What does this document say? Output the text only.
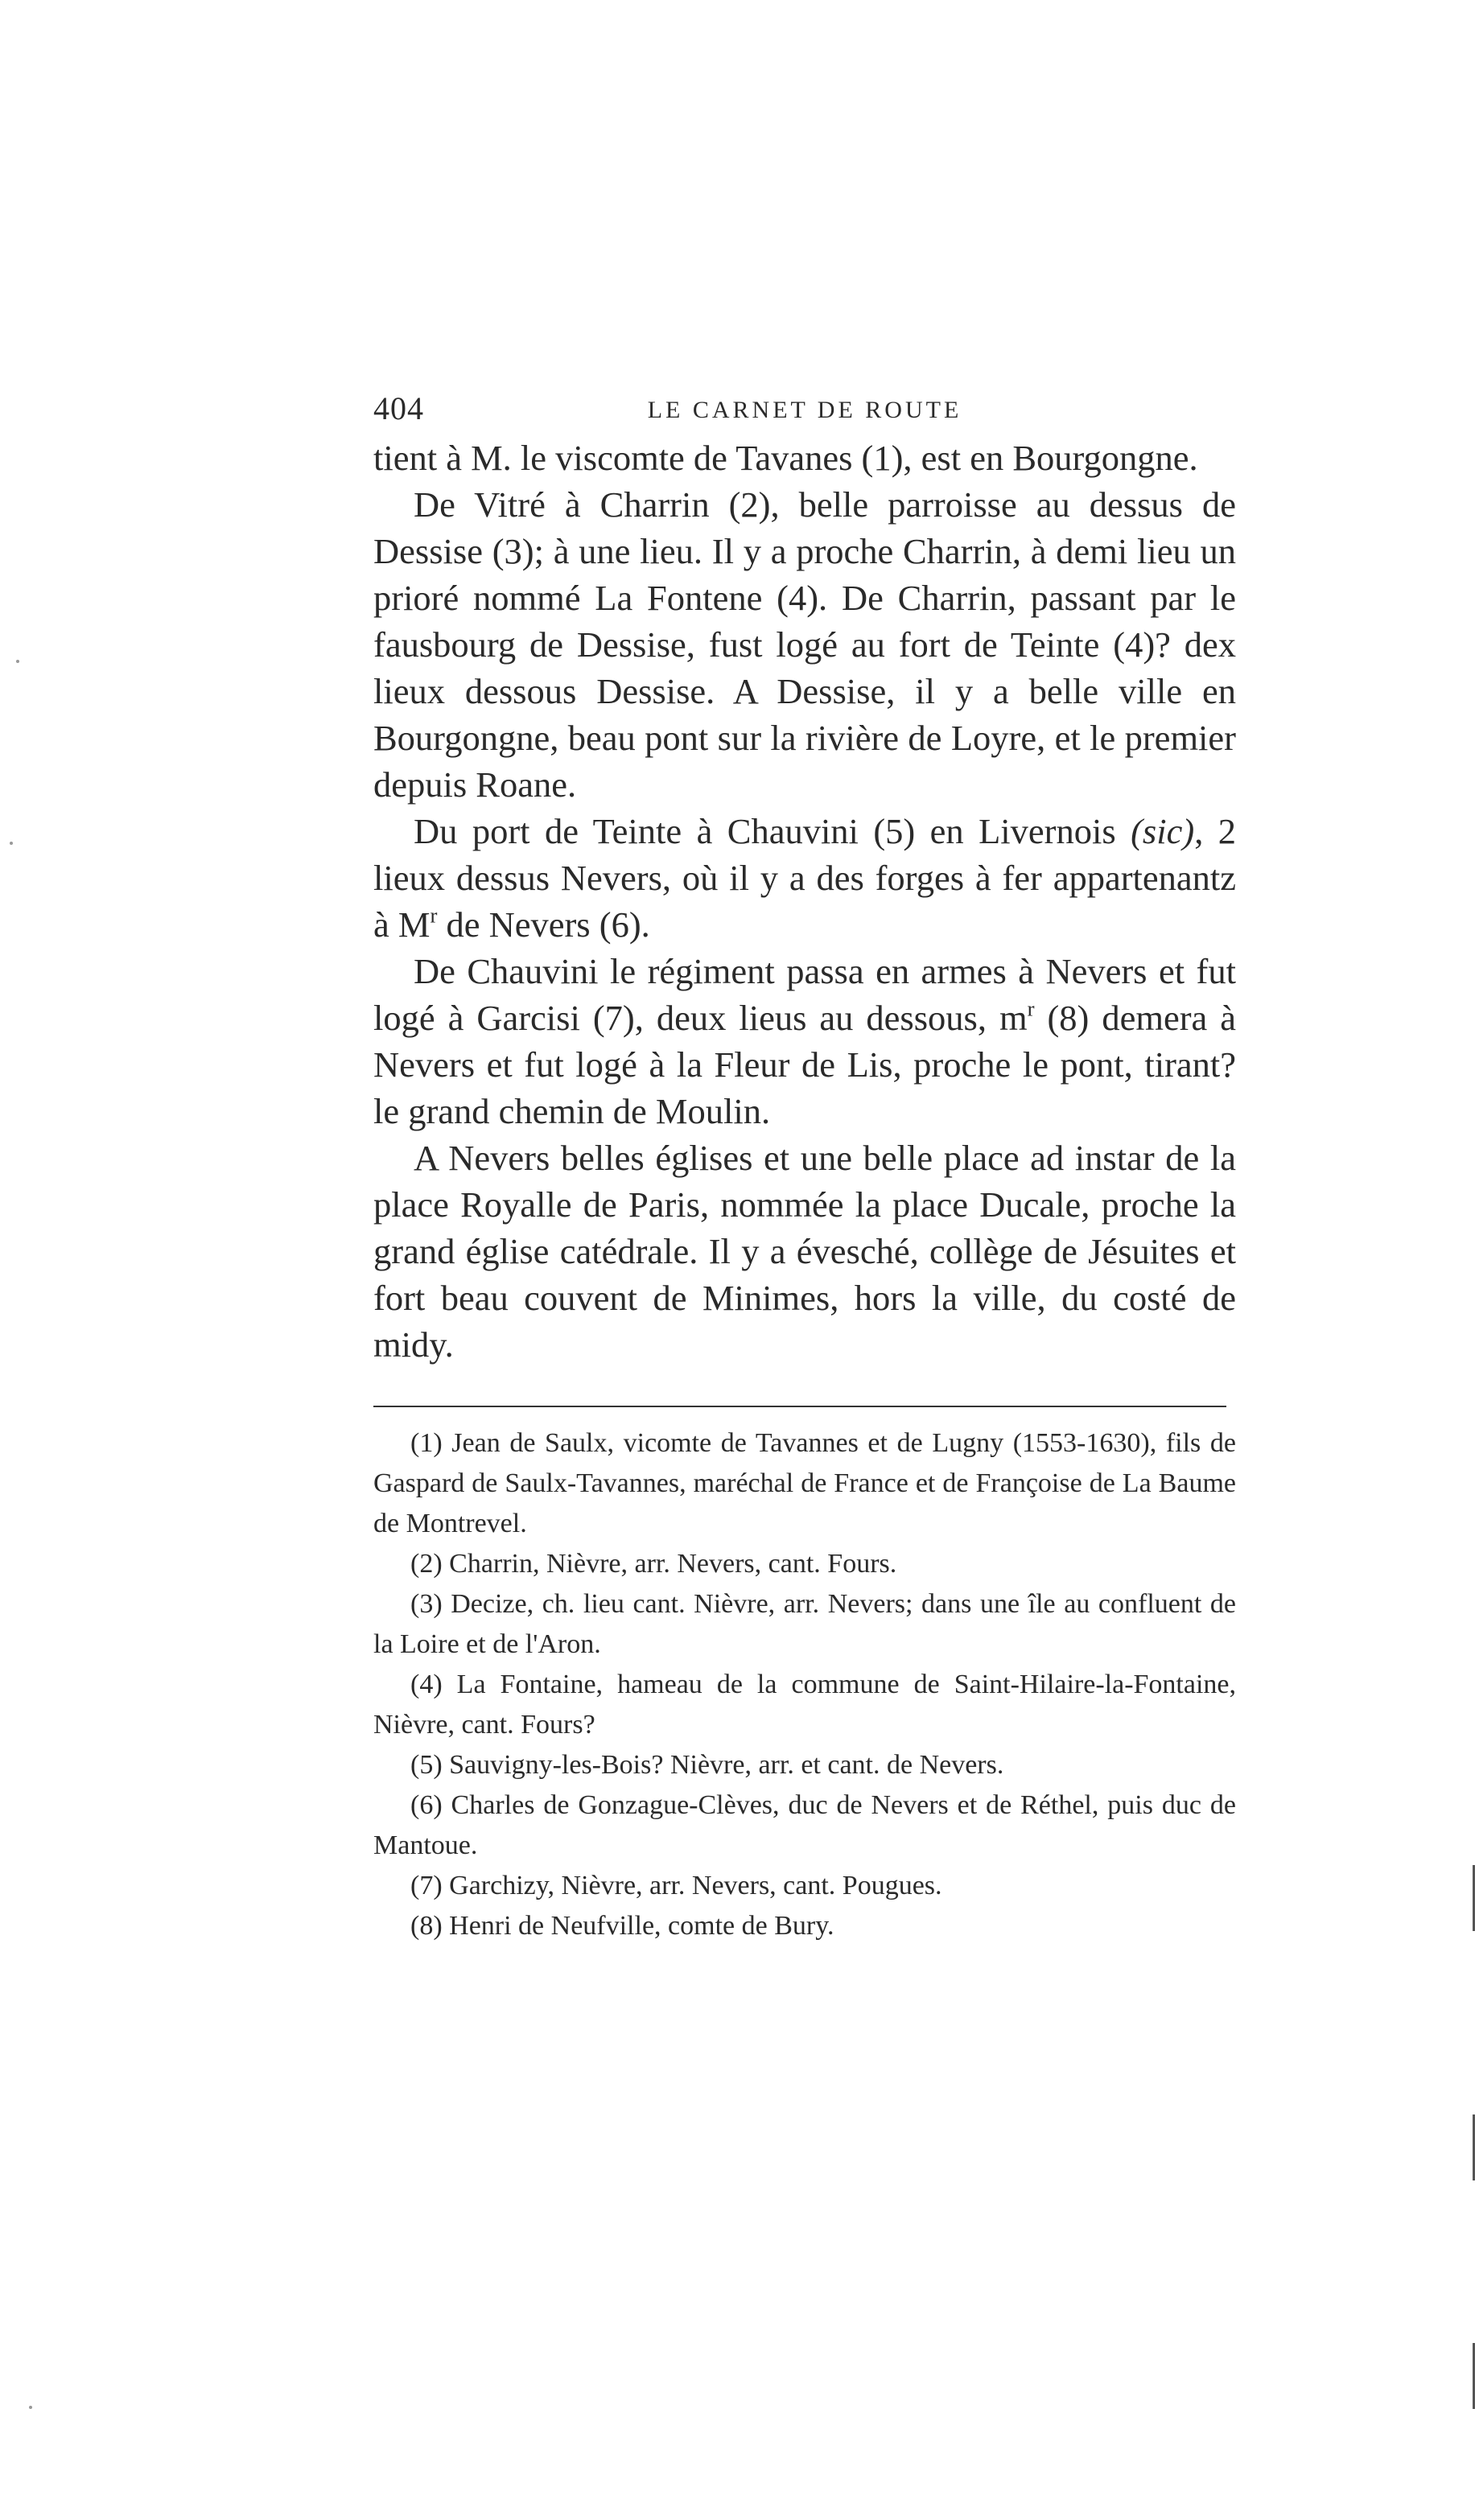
404	LE CARNET DE ROUTE

tient à M. le viscomte de Tavanes (1), est en Bourgongne.

De Vitré à Charrin (2), belle parroisse au dessus de Dessise (3); à une lieu. Il y a proche Charrin, à demi lieu un prioré nommé La Fontene (4). De Charrin, passant par le fausbourg de Dessise, fust logé au fort de Teinte (4)? dex lieux dessous Dessise. A Dessise, il y a belle ville en Bourgongne, beau pont sur la rivière de Loyre, et le premier depuis Roane.

Du port de Teinte à Chauvini (5) en Livernois (sic), 2 lieux dessus Nevers, où il y a des forges à fer appartenantz à $M^r$ de Nevers (6).

De Chauvini le régiment passa en armes à Nevers et fut logé à Garcisi (7), deux lieus au dessous, $m^r$ (8) demera à Nevers et fut logé à la Fleur de Lis, proche le pont, tirant? le grand chemin de Moulin.

A Nevers belles églises et une belle place ad instar de la place Royalle de Paris, nommée la place Ducale, proche la grand église catédrale. Il y a évesché, collège de Jésuites et fort beau couvent de Minimes, hors la ville, du costé de midy.

(1) Jean de Saulx, vicomte de Tavannes et de Lugny (1553-1630), fils de Gaspard de Saulx-Tavannes, maréchal de France et de Françoise de La Baume de Montrevel.

(2) Charrin, Nièvre, arr. Nevers, cant. Fours.

(3) Decize, ch. lieu cant. Nièvre, arr. Nevers; dans une île au confluent de la Loire et de l'Aron.

(4) La Fontaine, hameau de la commune de Saint-Hilaire-la-Fontaine, Nièvre, cant. Fours?

(5) Sauvigny-les-Bois? Nièvre, arr. et cant. de Nevers.

(6) Charles de Gonzague-Clèves, duc de Nevers et de Réthel, puis duc de Mantoue.

(7) Garchizy, Nièvre, arr. Nevers, cant. Pougues.

(8) Henri de Neufville, comte de Bury.
